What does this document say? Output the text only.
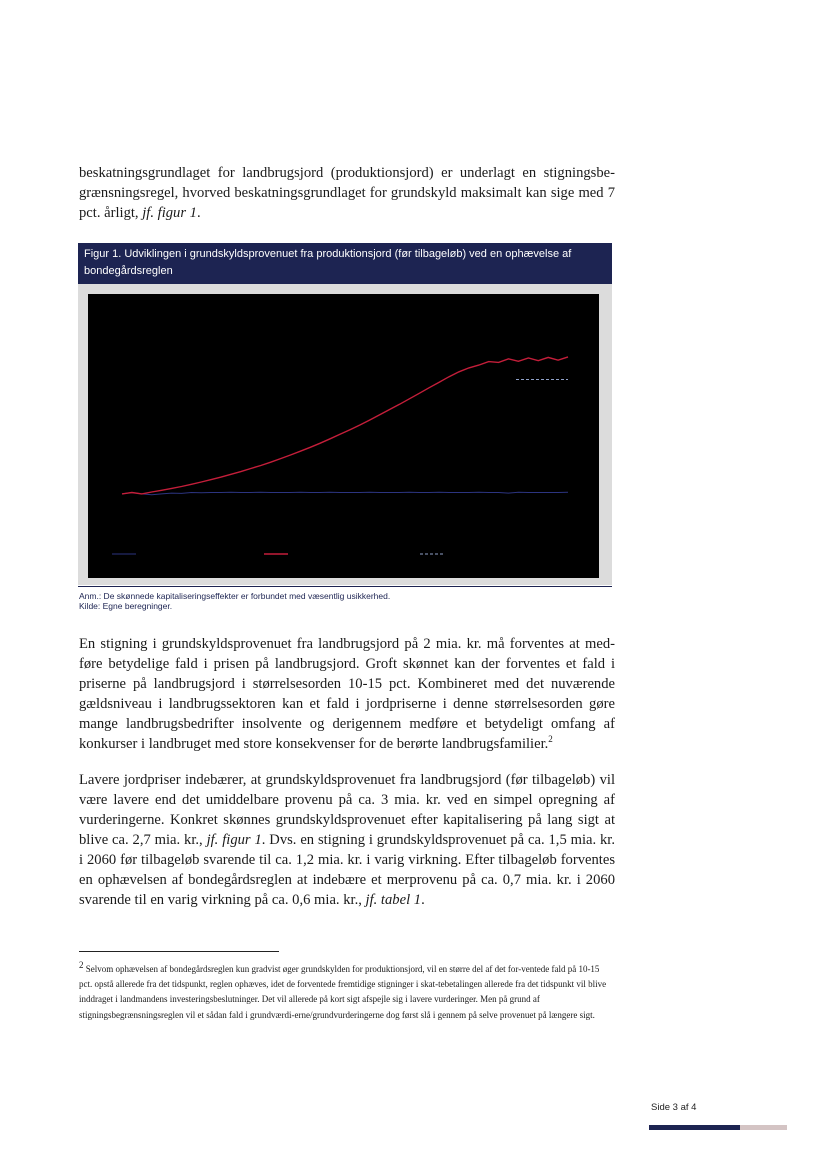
beskatningsgrundlaget for landbrugsjord (produktionsjord) er underlagt en stigningsbe-grænsningsregel, hvorved beskatningsgrundlaget for grundskyld maksimalt kan sige med 7 pct. årligt, jf. figur 1.

Figur 1. Udviklingen i grundskyldsprovenuet fra produktionsjord (før tilbageløb) ved en ophævelse af bondegårdsreglen
Anm.: De skønnede kapitaliseringseffekter er forbundet med væsentlig usikkerhed.
Kilde: Egne beregninger.

En stigning i grundskyldsprovenuet fra landbrugsjord på 2 mia. kr. må forventes at med-føre betydelige fald i prisen på landbrugsjord. Groft skønnet kan der forventes et fald i priserne på landbrugsjord i størrelsesorden 10-15 pct. Kombineret med det nuværende gældsniveau i landbrugssektoren kan et fald i jordpriserne i denne størrelsesorden gøre mange landbrugsbedrifter insolvente og derigennem medføre et betydeligt omfang af konkurser i landbruget med store konsekvenser for de berørte landbrugsfamilier.$^2$

Lavere jordpriser indebærer, at grundskyldsprovenuet fra landbrugsjord (før tilbageløb) vil være lavere end det umiddelbare provenu på ca. 3 mia. kr. ved en simpel opregning af vurderingerne. Konkret skønnes grundskyldsprovenuet efter kapitalisering på lang sigt at blive ca. 2,7 mia. kr., jf. figur 1. Dvs. en stigning i grundskyldsprovenuet på ca. 1,5 mia. kr. i 2060 før tilbageløb svarende til ca. 1,2 mia. kr. i varig virkning. Efter tilbageløb forventes en ophævelsen af bondegårdsreglen at indebære et merprovenu på ca. 0,7 mia. kr. i 2060 svarende til en varig virkning på ca. 0,6 mia. kr., jf. tabel 1.

$^2$ Selvom ophævelsen af bondegårdsreglen kun gradvist øger grundskylden for produktionsjord, vil en større del af det for-ventede fald på 10-15 pct. opstå allerede fra det tidspunkt, reglen ophæves, idet de forventede fremtidige stigninger i skat-tebetalingen allerede fra det tidspunkt vil blive inddraget i landmandens investeringsbeslutninger. Det vil allerede på kort sigt afspejle sig i lavere vurderinger. Men på grund af stigningsbegrænsningsreglen vil et sådan fald i grundværdi-erne/grundvurderingerne dog først slå i gennem på selve provenuet på længere sigt.

Side 3 af 4
